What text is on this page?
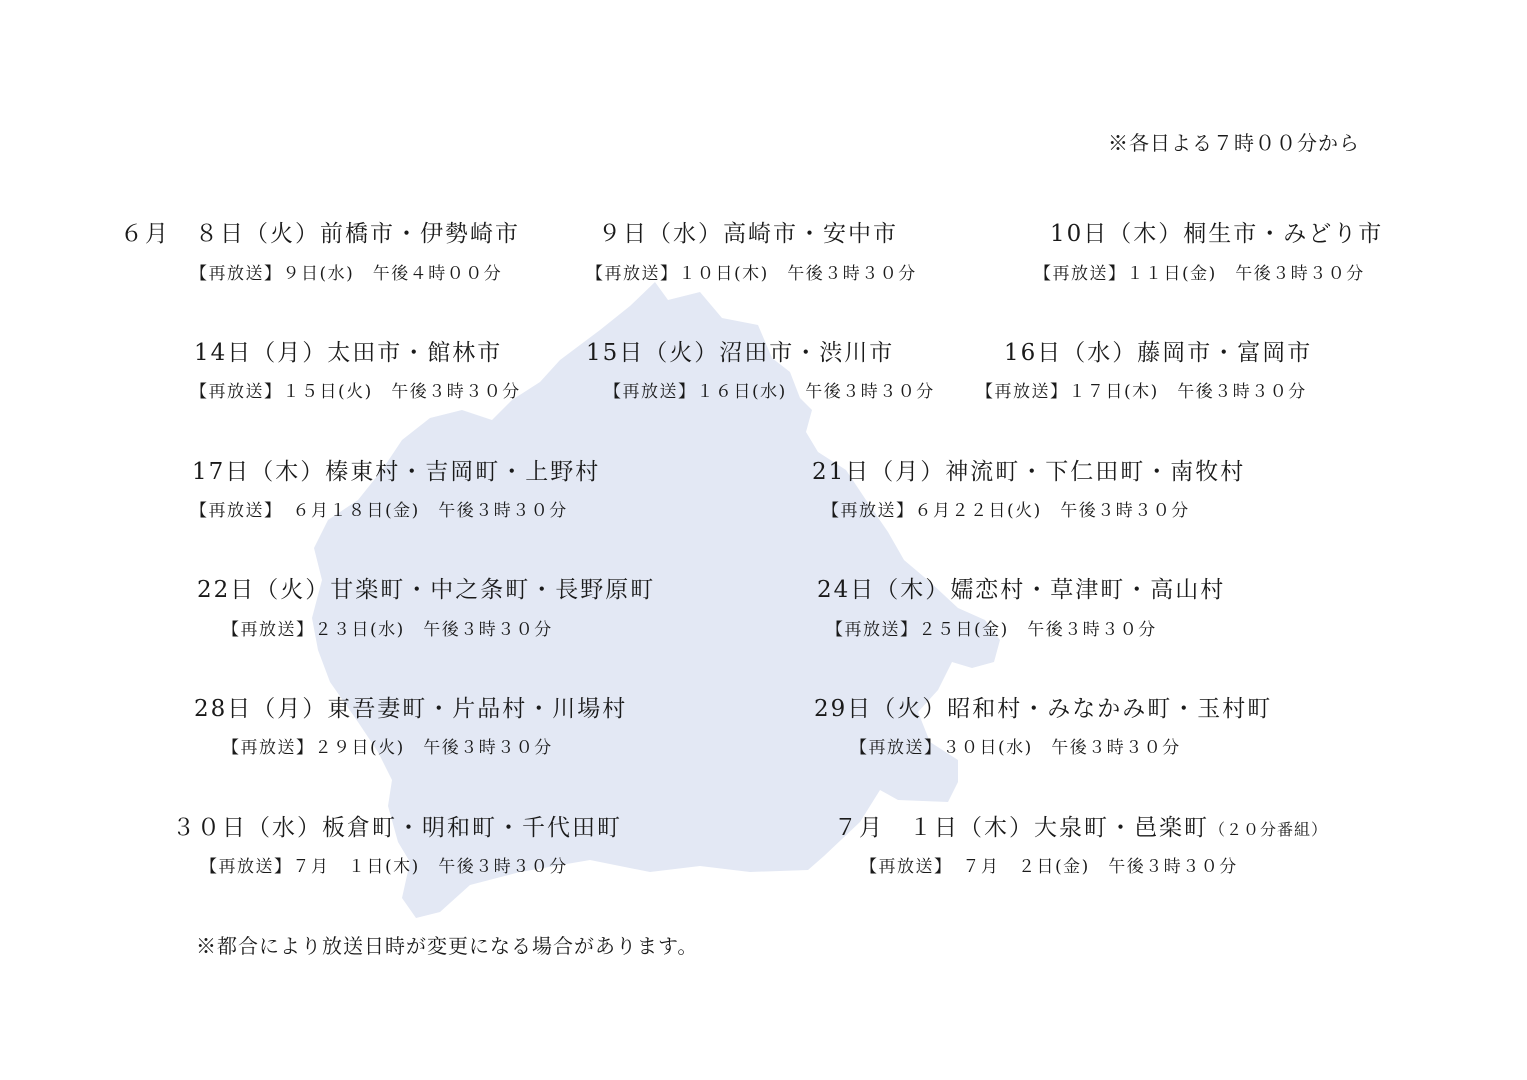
※各日よる７時００分から
６月　８日（火）前橋市・伊勢崎市
【再放送】９日(水)　午後４時００分
９日（水）高崎市・安中市
【再放送】１０日(木)　午後３時３０分
10日（木）桐生市・みどり市
【再放送】１１日(金)　午後３時３０分
14日（月）太田市・館林市
【再放送】１５日(火)　午後３時３０分
15日（火）沼田市・渋川市
【再放送】１６日(水)　午後３時３０分
16日（水）藤岡市・富岡市
【再放送】１７日(木)　午後３時３０分
17日（木）榛東村・吉岡町・上野村
【再放送】　６月１８日(金)　午後３時３０分
21日（月）神流町・下仁田町・南牧村
【再放送】６月２２日(火)　午後３時３０分
22日（火）甘楽町・中之条町・長野原町
【再放送】２３日(水)　午後３時３０分
24日（木）嬬恋村・草津町・高山村
【再放送】２５日(金)　午後３時３０分
28日（月）東吾妻町・片品村・川場村
【再放送】２９日(火)　午後３時３０分
29日（火）昭和村・みなかみ町・玉村町
【再放送】３０日(水)　午後３時３０分
３０日（水）板倉町・明和町・千代田町
【再放送】７月　１日(木)　午後３時３０分
７月　１日（木）大泉町・邑楽町（２０分番組）
【再放送】　７月　２日(金)　午後３時３０分
※都合により放送日時が変更になる場合があります。
